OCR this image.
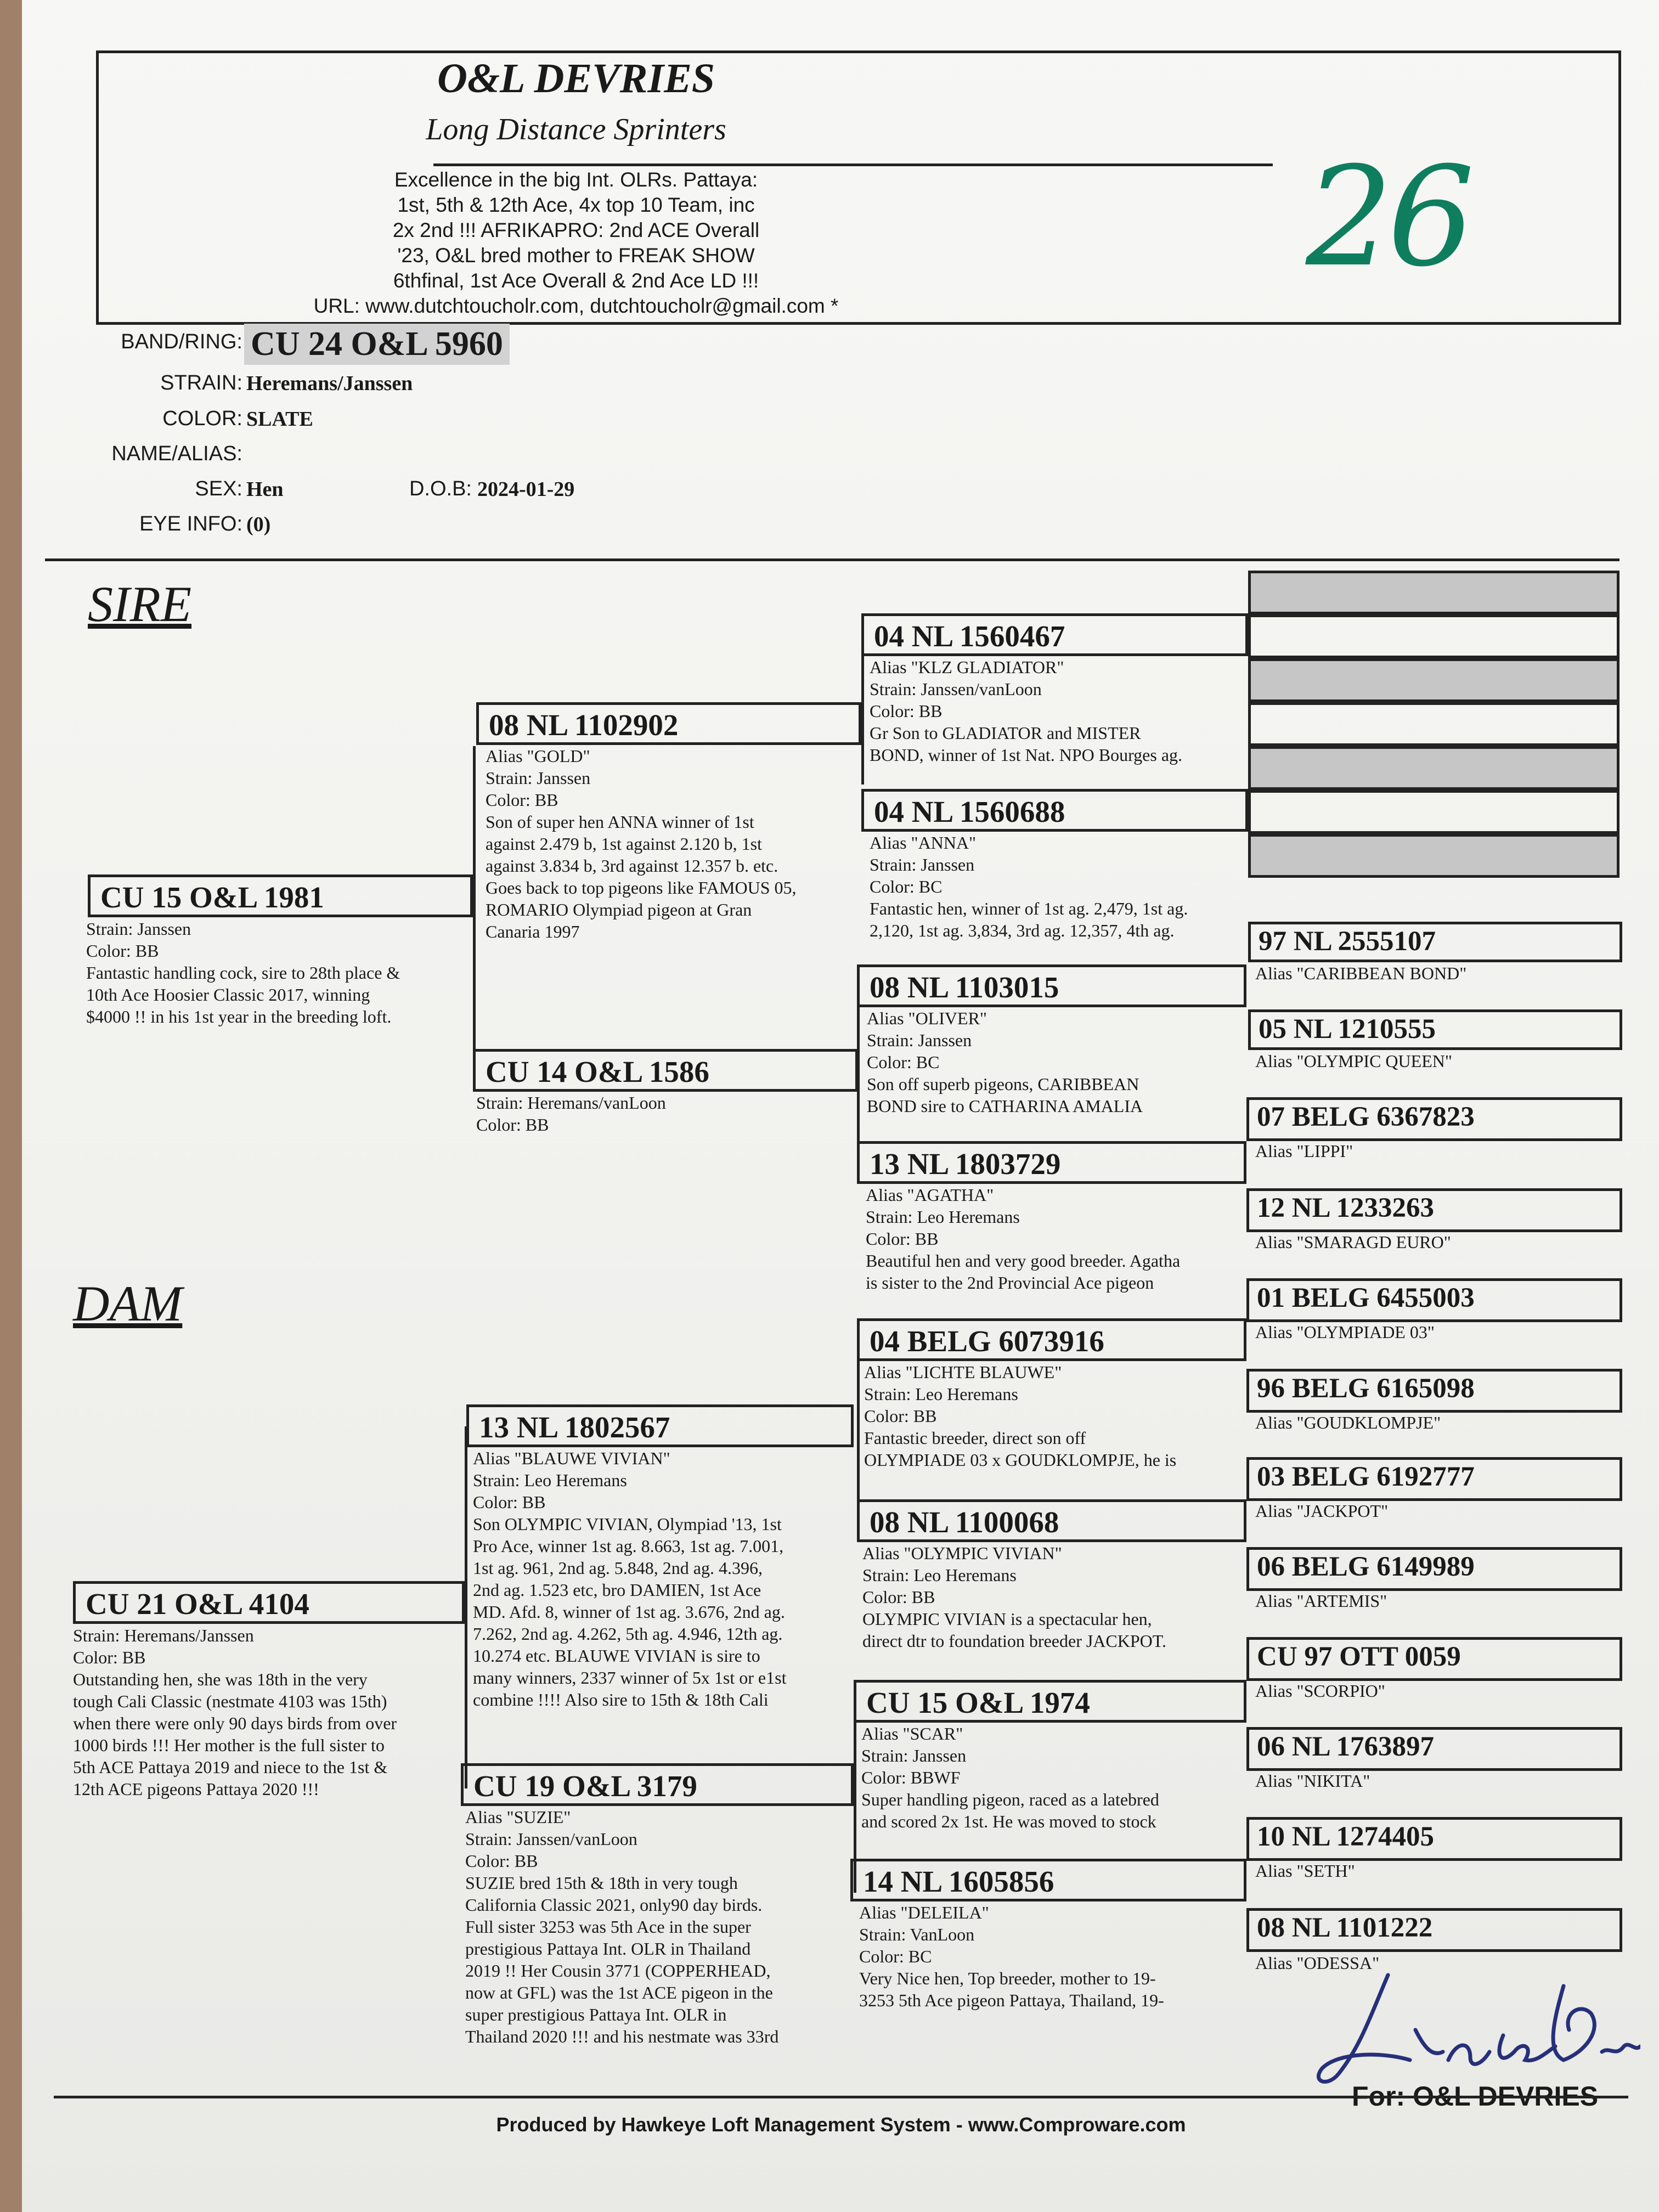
O&L DEVRIES
Long Distance Sprinters
Excellence in the big Int. OLRs. Pattaya:
1st, 5th & 12th Ace, 4x top 10 Team, inc
2x 2nd !!! AFRIKAPRO: 2nd ACE Overall
'23, O&L bred mother to FREAK SHOW
6thfinal, 1st Ace Overall & 2nd Ace LD !!!
URL: www.dutchtoucholr.com, dutchtoucholr@gmail.com *
26
BAND/RING: CU 24 O&L 5960
STRAIN: Heremans/Janssen
COLOR: SLATE
NAME/ALIAS:
SEX: Hen	D.O.B: 2024-01-29
EYE INFO: (0)
SIRE
DAM
CU 15 O&L 1981
Strain: Janssen
Color: BB
Fantastic handling cock, sire to 28th place &
10th Ace Hoosier Classic 2017, winning
$4000 !! in his 1st year in the breeding loft.
CU 21 O&L 4104
Strain: Heremans/Janssen
Color: BB
Outstanding hen, she was 18th in the very
tough Cali Classic (nestmate 4103 was 15th)
when there were only 90 days birds from over
1000 birds !!! Her mother is the full sister to
5th ACE Pattaya 2019 and niece to the 1st &
12th ACE pigeons Pattaya 2020 !!!
08 NL 1102902
Alias "GOLD"
Strain: Janssen
Color: BB
Son of super hen ANNA winner of 1st
against 2.479 b, 1st against 2.120 b, 1st
against 3.834 b, 3rd against 12.357 b. etc.
Goes back to top pigeons like FAMOUS 05,
ROMARIO Olympiad pigeon at Gran
Canaria 1997
CU 14 O&L 1586
Strain: Heremans/vanLoon
Color: BB
13 NL 1802567
Alias "BLAUWE VIVIAN"
Strain: Leo Heremans
Color: BB
Son OLYMPIC VIVIAN, Olympiad '13, 1st
Pro Ace, winner 1st ag. 8.663, 1st ag. 7.001,
1st ag. 961, 2nd ag. 5.848, 2nd ag. 4.396,
2nd ag. 1.523 etc, bro DAMIEN, 1st Ace
MD. Afd. 8, winner of 1st ag. 3.676, 2nd ag.
7.262, 2nd ag. 4.262, 5th ag. 4.946, 12th ag.
10.274 etc. BLAUWE VIVIAN is sire to
many winners, 2337 winner of 5x 1st or e1st
combine !!!! Also sire to 15th & 18th Cali
CU 19 O&L 3179
Alias "SUZIE"
Strain: Janssen/vanLoon
Color: BB
SUZIE bred 15th & 18th in very tough
California Classic 2021, only90 day birds.
Full sister 3253 was 5th Ace in the super
prestigious Pattaya Int. OLR in Thailand
2019 !! Her Cousin 3771 (COPPERHEAD,
now at GFL) was the 1st ACE pigeon in the
super prestigious Pattaya Int. OLR in
Thailand 2020 !!! and his nestmate was 33rd
04 NL 1560467
Alias "KLZ GLADIATOR"
Strain: Janssen/vanLoon
Color: BB
Gr Son to GLADIATOR and MISTER
BOND, winner of 1st Nat. NPO Bourges ag.
04 NL 1560688
Alias "ANNA"
Strain: Janssen
Color: BC
Fantastic hen, winner of 1st ag. 2,479, 1st ag.
2,120, 1st ag. 3,834, 3rd ag. 12,357, 4th ag.
08 NL 1103015
Alias "OLIVER"
Strain: Janssen
Color: BC
Son off superb pigeons, CARIBBEAN
BOND sire to CATHARINA AMALIA
13 NL 1803729
Alias "AGATHA"
Strain: Leo Heremans
Color: BB
Beautiful hen and very good breeder. Agatha
is sister to the 2nd Provincial Ace pigeon
04 BELG 6073916
Alias "LICHTE BLAUWE"
Strain: Leo Heremans
Color: BB
Fantastic breeder, direct son off
OLYMPIADE 03 x GOUDKLOMPJE, he is
08 NL 1100068
Alias "OLYMPIC VIVIAN"
Strain: Leo Heremans
Color: BB
OLYMPIC VIVIAN is a spectacular hen,
direct dtr to foundation breeder JACKPOT.
CU 15 O&L 1974
Alias "SCAR"
Strain: Janssen
Color: BBWF
Super handling pigeon, raced as a latebred
and scored 2x 1st. He was moved to stock
14 NL 1605856
Alias "DELEILA"
Strain: VanLoon
Color: BC
Very Nice hen, Top breeder, mother to 19-
3253 5th Ace pigeon Pattaya, Thailand, 19-
97 NL 2555107
Alias "CARIBBEAN BOND"
05 NL 1210555
Alias "OLYMPIC QUEEN"
07 BELG 6367823
Alias "LIPPI"
12 NL 1233263
Alias "SMARAGD EURO"
01 BELG 6455003
Alias "OLYMPIADE 03"
96 BELG 6165098
Alias "GOUDKLOMPJE"
03 BELG 6192777
Alias "JACKPOT"
06 BELG 6149989
Alias "ARTEMIS"
CU 97 OTT 0059
Alias "SCORPIO"
06 NL 1763897
Alias "NIKITA"
10 NL 1274405
Alias "SETH"
08 NL 1101222
Alias "ODESSA"
For: O&L DEVRIES
Produced by Hawkeye Loft Management System - www.Comproware.com
